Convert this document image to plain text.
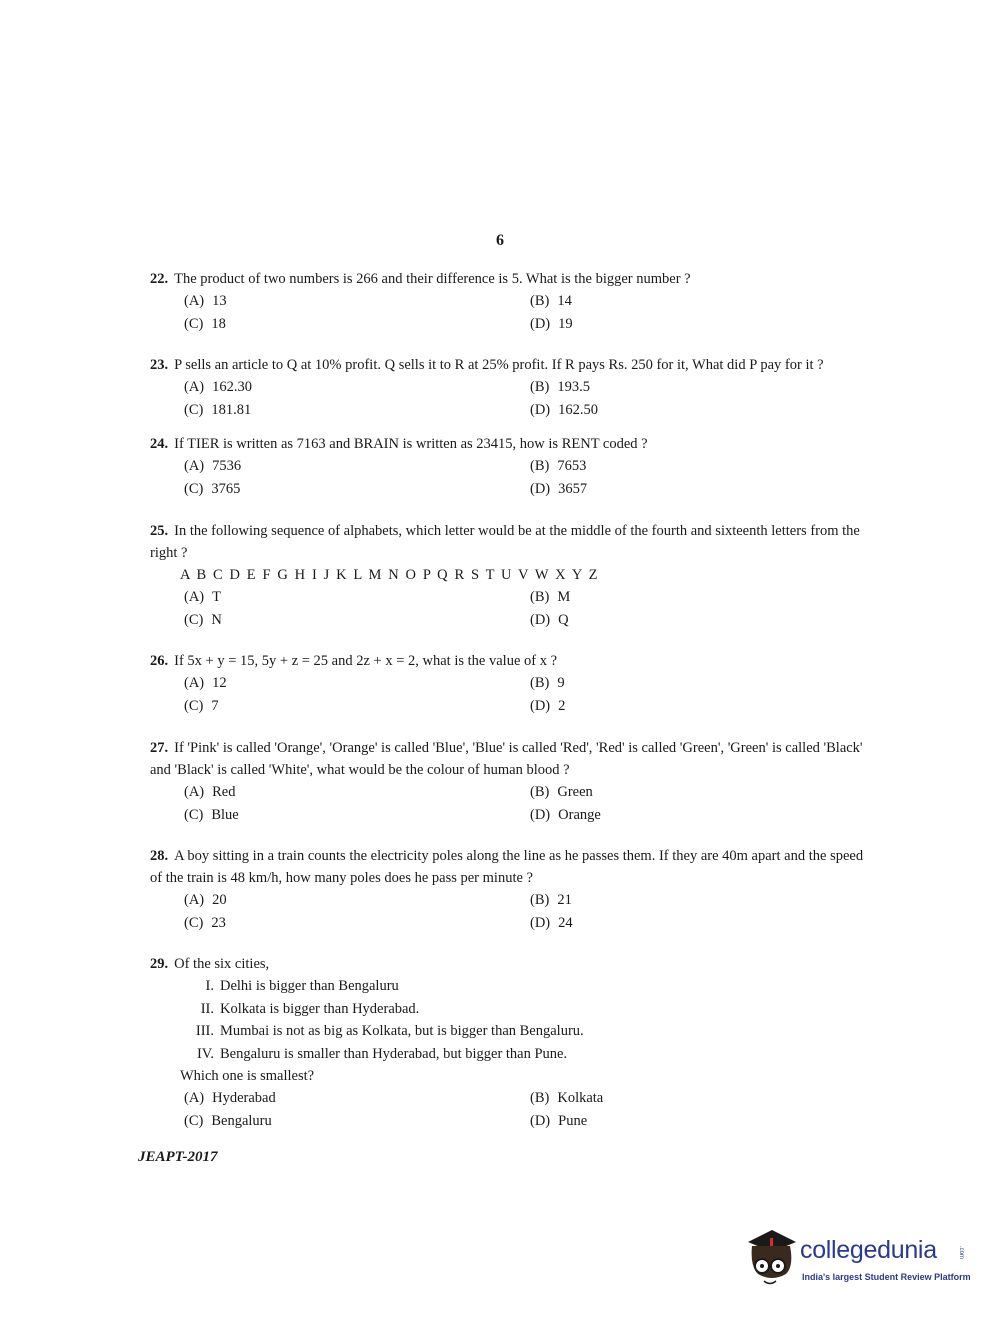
6
22. The product of two numbers is 266 and their difference is 5. What is the bigger number ?
(A) 13	(B) 14
(C) 18	(D) 19
23. P sells an article to Q at 10% profit. Q sells it to R at 25% profit. If R pays Rs. 250 for it, What did P pay for it ?
(A) 162.30	(B) 193.5
(C) 181.81	(D) 162.50
24. If TIER is written as 7163 and BRAIN is written as 23415, how is RENT coded ?
(A) 7536	(B) 7653
(C) 3765	(D) 3657
25. In the following sequence of alphabets, which letter would be at the middle of the fourth and sixteenth letters from the right ?
A B C D E F G H I J K L M N O P Q R S T U V W X Y Z
(A) T	(B) M
(C) N	(D) Q
26. If 5x + y = 15, 5y + z = 25 and 2z + x = 2, what is the value of x ?
(A) 12	(B) 9
(C) 7	(D) 2
27. If 'Pink' is called 'Orange', 'Orange' is called 'Blue', 'Blue' is called 'Red', 'Red' is called 'Green', 'Green' is called 'Black' and 'Black' is called 'White', what would be the colour of human blood ?
(A) Red	(B) Green
(C) Blue	(D) Orange
28. A boy sitting in a train counts the electricity poles along the line as he passes them. If they are 40m apart and the speed of the train is 48 km/h, how many poles does he pass per minute ?
(A) 20	(B) 21
(C) 23	(D) 24
29. Of the six cities,
I. Delhi is bigger than Bengaluru
II. Kolkata is bigger than Hyderabad.
III. Mumbai is not as big as Kolkata, but is bigger than Bengaluru.
IV. Bengaluru is smaller than Hyderabad, but bigger than Pune.
Which one is smallest?
(A) Hyderabad	(B) Kolkata
(C) Bengaluru	(D) Pune
JEAPT-2017
collegedunia	.com
India's largest Student Review Platform
